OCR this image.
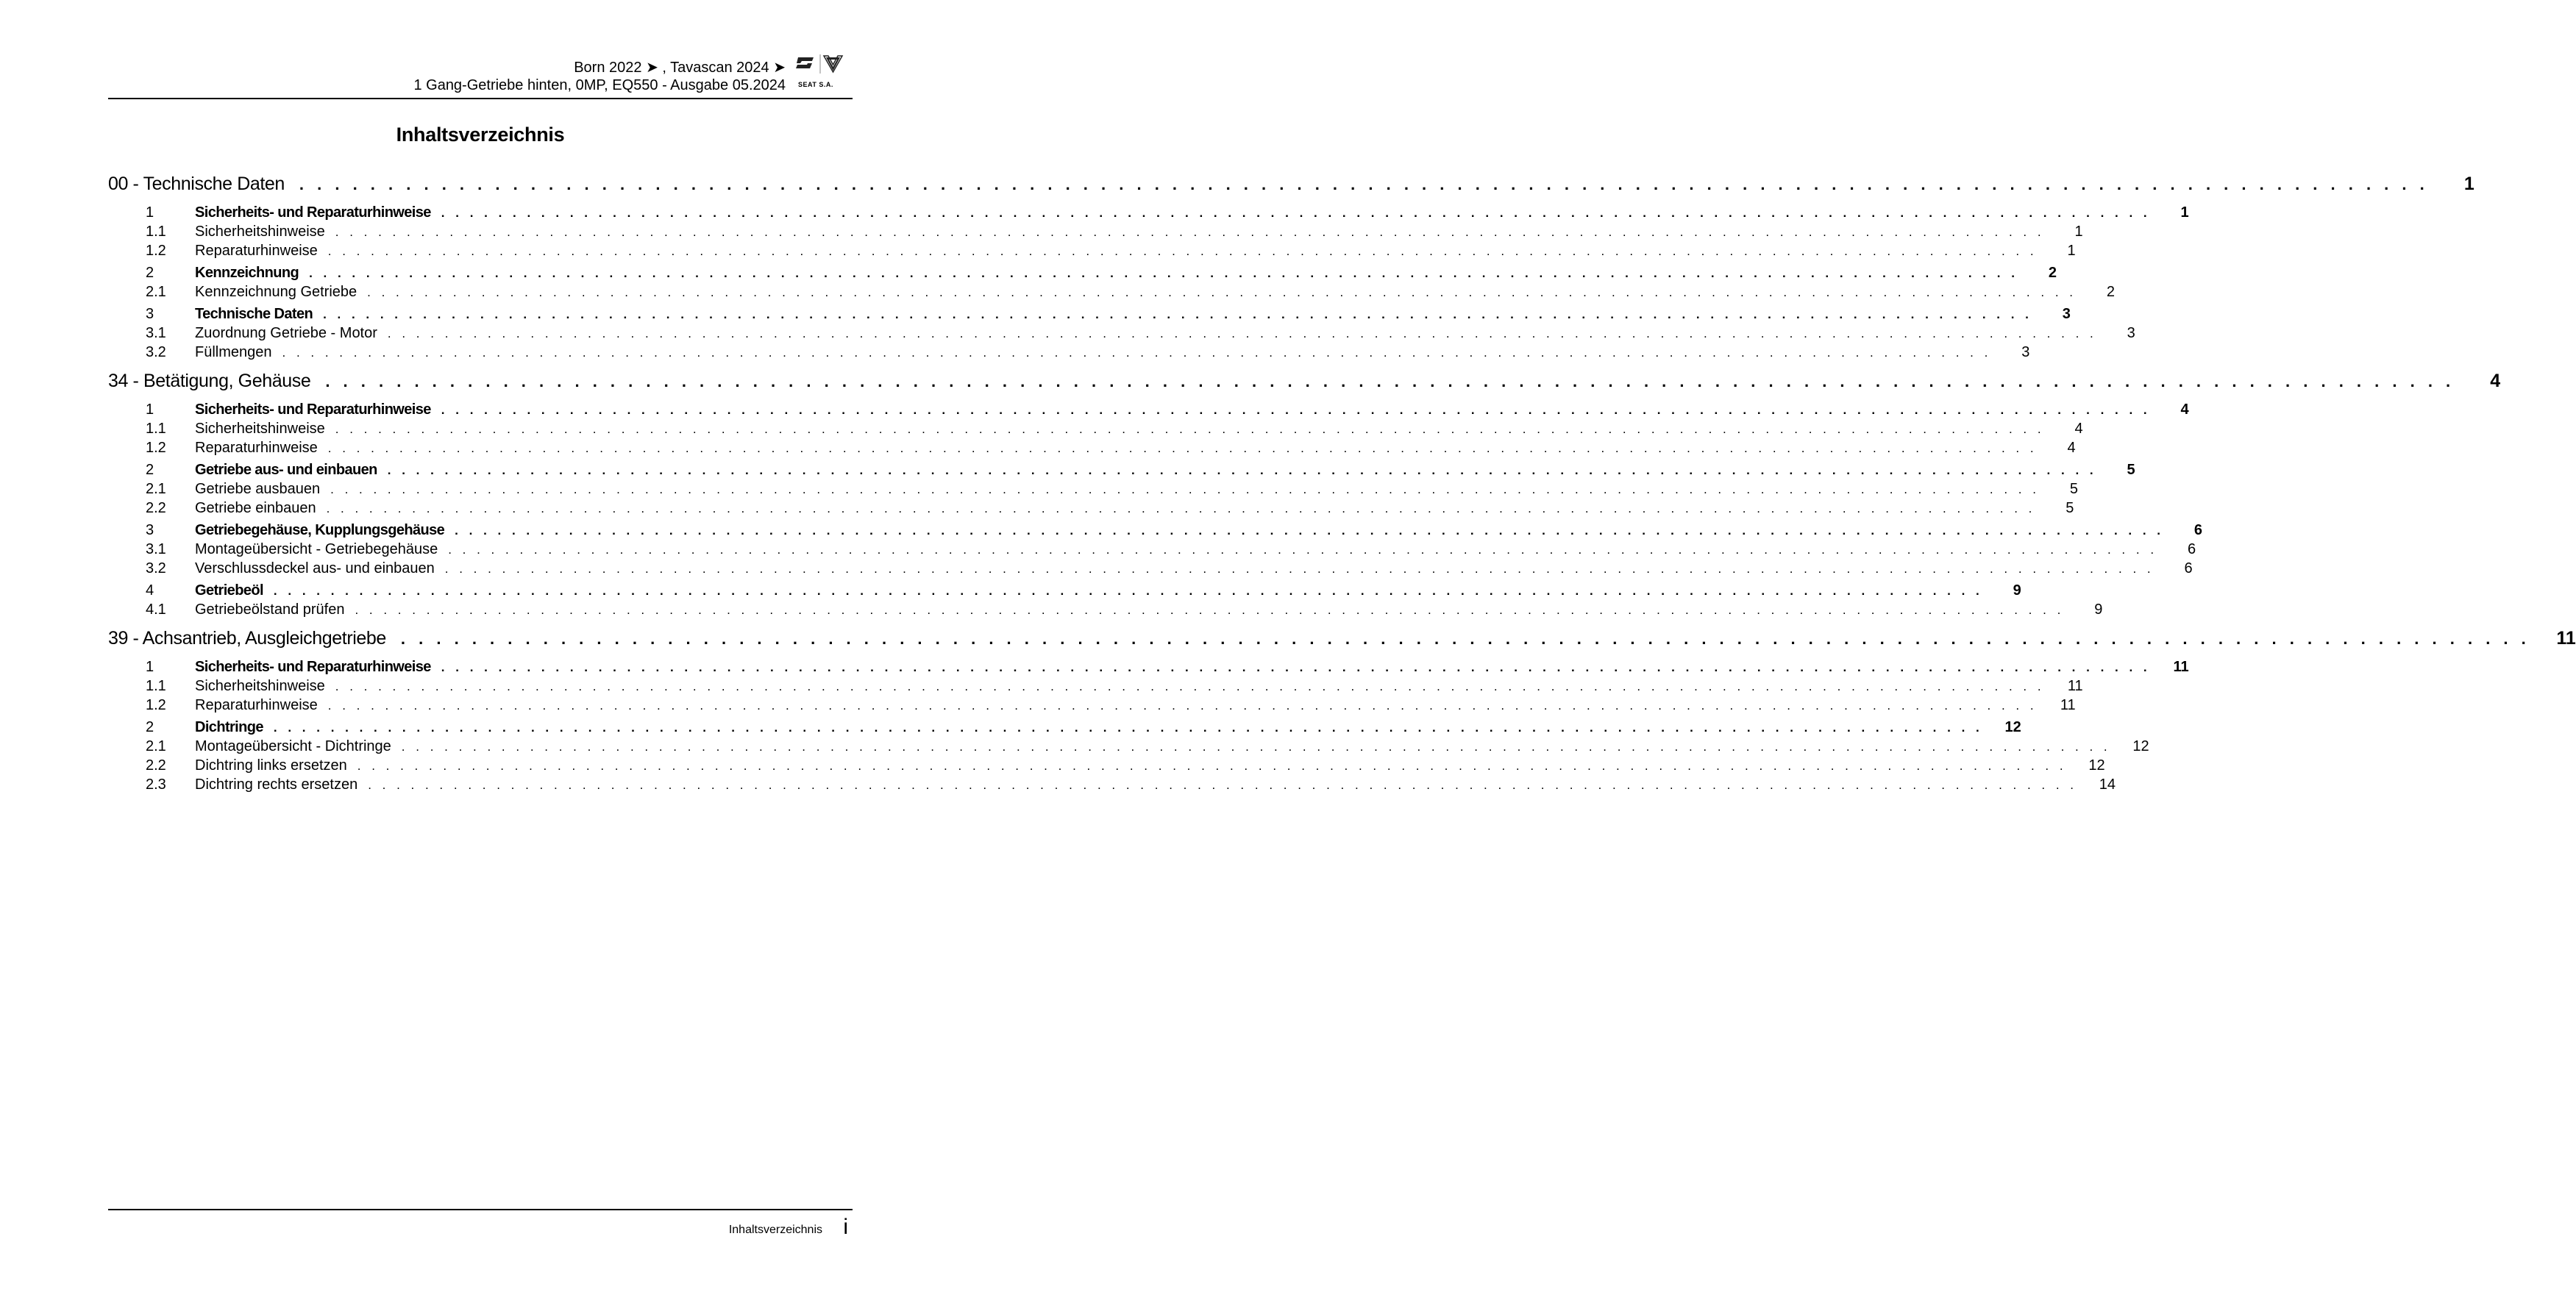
Born 2022 ➤ , Tavascan 2024 ➤
1 Gang-Getriebe hinten, 0MP, EQ550 - Ausgabe 05.2024 SEAT S.A.
Inhaltsverzeichnis
00 - Technische Daten . . . . . . . . . . . . . . . . . . . . . . . . . . . . . . . . . . . . . . . . . . . . . . . . . . . . . . . . . . . . . . . . . . . . . . . . . . . . . . . . . . . . . . . . . . . . . . . . . . . . . . . . . . . . . . . . . . . . . . . .	1
1	Sicherheits- und Reparaturhinweise . . . . . . . . . . . . . . . . . . . . . . . . . . . . . . . . . . . . . . . . . . . . . . . . . . . . . . . . . . . . . . . . . . . . . . . . . . . . . . . . . . . . . . . . . . . . . . . . . . . . . . . . . . . . . . . . . . . . . . . .	1
1.1	Sicherheitshinweise . . . . . . . . . . . . . . . . . . . . . . . . . . . . . . . . . . . . . . . . . . . . . . . . . . . . . . . . . . . . . . . . . . . . . . . . . . . . . . . . . . . . . . . . . . . . . . . . . . . . . . . . . . . . . . . . . . . . . . . .	1
1.2	Reparaturhinweise . . . . . . . . . . . . . . . . . . . . . . . . . . . . . . . . . . . . . . . . . . . . . . . . . . . . . . . . . . . . . . . . . . . . . . . . . . . . . . . . . . . . . . . . . . . . . . . . . . . . . . . . . . . . . . . . . . . . . . . .	1
2	Kennzeichnung . . . . . . . . . . . . . . . . . . . . . . . . . . . . . . . . . . . . . . . . . . . . . . . . . . . . . . . . . . . . . . . . . . . . . . . . . . . . . . . . . . . . . . . . . . . . . . . . . . . . . . . . . . . . . . . . . . . . . . . .	2
2.1	Kennzeichnung Getriebe . . . . . . . . . . . . . . . . . . . . . . . . . . . . . . . . . . . . . . . . . . . . . . . . . . . . . . . . . . . . . . . . . . . . . . . . . . . . . . . . . . . . . . . . . . . . . . . . . . . . . . . . . . . . . . . . . . . . . . . .	2
3	Technische Daten . . . . . . . . . . . . . . . . . . . . . . . . . . . . . . . . . . . . . . . . . . . . . . . . . . . . . . . . . . . . . . . . . . . . . . . . . . . . . . . . . . . . . . . . . . . . . . . . . . . . . . . . . . . . . . . . . . . . . . . .	3
3.1	Zuordnung Getriebe - Motor . . . . . . . . . . . . . . . . . . . . . . . . . . . . . . . . . . . . . . . . . . . . . . . . . . . . . . . . . . . . . . . . . . . . . . . . . . . . . . . . . . . . . . . . . . . . . . . . . . . . . . . . . . . . . . . . . . . . . . . .	3
3.2	Füllmengen . . . . . . . . . . . . . . . . . . . . . . . . . . . . . . . . . . . . . . . . . . . . . . . . . . . . . . . . . . . . . . . . . . . . . . . . . . . . . . . . . . . . . . . . . . . . . . . . . . . . . . . . . . . . . . . . . . . . . . . .	3
34 - Betätigung, Gehäuse . . . . . . . . . . . . . . . . . . . . . . . . . . . . . . . . . . . . . . . . . . . . . . . . . . . . . . . . . . . . . . . . . . . . . . . . . . . . . . . . . . . . . . . . . . . . . . . . . . . . . . . . . . . . . . . . . . . . . . . .	4
1	Sicherheits- und Reparaturhinweise . . . . . . . . . . . . . . . . . . . . . . . . . . . . . . . . . . . . . . . . . . . . . . . . . . . . . . . . . . . . . . . . . . . . . . . . . . . . . . . . . . . . . . . . . . . . . . . . . . . . . . . . . . . . . . . . . . . . . . . .	4
1.1	Sicherheitshinweise . . . . . . . . . . . . . . . . . . . . . . . . . . . . . . . . . . . . . . . . . . . . . . . . . . . . . . . . . . . . . . . . . . . . . . . . . . . . . . . . . . . . . . . . . . . . . . . . . . . . . . . . . . . . . . . . . . . . . . . .	4
1.2	Reparaturhinweise . . . . . . . . . . . . . . . . . . . . . . . . . . . . . . . . . . . . . . . . . . . . . . . . . . . . . . . . . . . . . . . . . . . . . . . . . . . . . . . . . . . . . . . . . . . . . . . . . . . . . . . . . . . . . . . . . . . . . . . .	4
2	Getriebe aus- und einbauen . . . . . . . . . . . . . . . . . . . . . . . . . . . . . . . . . . . . . . . . . . . . . . . . . . . . . . . . . . . . . . . . . . . . . . . . . . . . . . . . . . . . . . . . . . . . . . . . . . . . . . . . . . . . . . . . . . . . . . . .	5
2.1	Getriebe ausbauen . . . . . . . . . . . . . . . . . . . . . . . . . . . . . . . . . . . . . . . . . . . . . . . . . . . . . . . . . . . . . . . . . . . . . . . . . . . . . . . . . . . . . . . . . . . . . . . . . . . . . . . . . . . . . . . . . . . . . . . .	5
2.2	Getriebe einbauen . . . . . . . . . . . . . . . . . . . . . . . . . . . . . . . . . . . . . . . . . . . . . . . . . . . . . . . . . . . . . . . . . . . . . . . . . . . . . . . . . . . . . . . . . . . . . . . . . . . . . . . . . . . . . . . . . . . . . . . .	5
3	Getriebegehäuse, Kupplungsgehäuse . . . . . . . . . . . . . . . . . . . . . . . . . . . . . . . . . . . . . . . . . . . . . . . . . . . . . . . . . . . . . . . . . . . . . . . . . . . . . . . . . . . . . . . . . . . . . . . . . . . . . . . . . . . . . . . . . . . . . . . .	6
3.1	Montageübersicht - Getriebegehäuse . . . . . . . . . . . . . . . . . . . . . . . . . . . . . . . . . . . . . . . . . . . . . . . . . . . . . . . . . . . . . . . . . . . . . . . . . . . . . . . . . . . . . . . . . . . . . . . . . . . . . . . . . . . . . . . . . . . . . . . .	6
3.2	Verschlussdeckel aus- und einbauen . . . . . . . . . . . . . . . . . . . . . . . . . . . . . . . . . . . . . . . . . . . . . . . . . . . . . . . . . . . . . . . . . . . . . . . . . . . . . . . . . . . . . . . . . . . . . . . . . . . . . . . . . . . . . . . . . . . . . . . .	6
4	Getriebeöl . . . . . . . . . . . . . . . . . . . . . . . . . . . . . . . . . . . . . . . . . . . . . . . . . . . . . . . . . . . . . . . . . . . . . . . . . . . . . . . . . . . . . . . . . . . . . . . . . . . . . . . . . . . . . . . . . . . . . . . .	9
4.1	Getriebeölstand prüfen . . . . . . . . . . . . . . . . . . . . . . . . . . . . . . . . . . . . . . . . . . . . . . . . . . . . . . . . . . . . . . . . . . . . . . . . . . . . . . . . . . . . . . . . . . . . . . . . . . . . . . . . . . . . . . . . . . . . . . . .	9
39 - Achsantrieb, Ausgleichgetriebe . . . . . . . . . . . . . . . . . . . . . . . . . . . . . . . . . . . . . . . . . . . . . . . . . . . . . . . . . . . . . . . . . . . . . . . . . . . . . . . . . . . . . . . . . . . . . . . . . . . . . . . . . . . . . . . . . . . . . . . .	11
1	Sicherheits- und Reparaturhinweise . . . . . . . . . . . . . . . . . . . . . . . . . . . . . . . . . . . . . . . . . . . . . . . . . . . . . . . . . . . . . . . . . . . . . . . . . . . . . . . . . . . . . . . . . . . . . . . . . . . . . . . . . . . . . . . . . . . . . . . .	11
1.1	Sicherheitshinweise . . . . . . . . . . . . . . . . . . . . . . . . . . . . . . . . . . . . . . . . . . . . . . . . . . . . . . . . . . . . . . . . . . . . . . . . . . . . . . . . . . . . . . . . . . . . . . . . . . . . . . . . . . . . . . . . . . . . . . . .	11
1.2	Reparaturhinweise . . . . . . . . . . . . . . . . . . . . . . . . . . . . . . . . . . . . . . . . . . . . . . . . . . . . . . . . . . . . . . . . . . . . . . . . . . . . . . . . . . . . . . . . . . . . . . . . . . . . . . . . . . . . . . . . . . . . . . . .	11
2	Dichtringe . . . . . . . . . . . . . . . . . . . . . . . . . . . . . . . . . . . . . . . . . . . . . . . . . . . . . . . . . . . . . . . . . . . . . . . . . . . . . . . . . . . . . . . . . . . . . . . . . . . . . . . . . . . . . . . . . . . . . . . .	12
2.1	Montageübersicht - Dichtringe . . . . . . . . . . . . . . . . . . . . . . . . . . . . . . . . . . . . . . . . . . . . . . . . . . . . . . . . . . . . . . . . . . . . . . . . . . . . . . . . . . . . . . . . . . . . . . . . . . . . . . . . . . . . . . . . . . . . . . . .	12
2.2	Dichtring links ersetzen . . . . . . . . . . . . . . . . . . . . . . . . . . . . . . . . . . . . . . . . . . . . . . . . . . . . . . . . . . . . . . . . . . . . . . . . . . . . . . . . . . . . . . . . . . . . . . . . . . . . . . . . . . . . . . . . . . . . . . . .	12
2.3	Dichtring rechts ersetzen . . . . . . . . . . . . . . . . . . . . . . . . . . . . . . . . . . . . . . . . . . . . . . . . . . . . . . . . . . . . . . . . . . . . . . . . . . . . . . . . . . . . . . . . . . . . . . . . . . . . . . . . . . . . . . . . . . . . . . . .	14
Inhaltsverzeichnis i
